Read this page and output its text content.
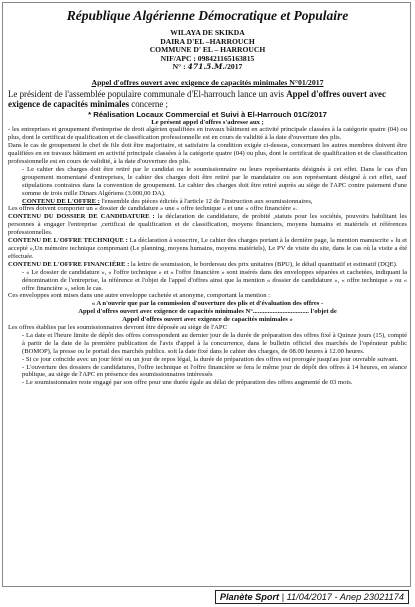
République Algérienne Démocratique et Populaire
WILAYA DE SKIKDA
DAIRA D'EL –HARROUCH
COMMUNE D' EL – HARROUCH
NIF/APC : 098421165163815
N° : 471.5.M./2017
Appel d'offres ouvert avec exigence de capacités minimales N°01/2017
Le président de l'assemblée populaire communale d'El-harrouch lance un avis Appel d'offres ouvert avec exigence de capacités minimales concerne ;
* Réalisation Locaux Commercial et Suivi à El-Harrouch 01C/2017
Le présent appel d'offres s'adresse aux ;
- les entreprises et groupement d'entreprise de droit algérien qualifiées en travaux bâtiment en activité principale classées à la catégorie quatre (04) ou plus, dont le certificat de qualification et de classification professionnelle est en cours de validité à la date d'ouverture des plis.
Dans le cas de groupement le chef de file doit être majoritaire, et satisfaire la condition exigée ci-dessus, concernant les autres membres doivent être qualifiées en en travaux bâtiment en activité principale classées à la catégorie quatre (04) ou plus, dont le certificat de qualification et de classification professionnelle est en cours de validité, à la date d'ouverture des plis.
- Le cahier des charges doit être retiré par le candidat ou le soumissionnaire ou leurs représentants désignés à cet effet. Dans le cas d'un groupement momentané d'entreprises, le cahier des charges doit être retiré par le mandataire ou son représentant désigné à cet effet, sauf stipulations contraires dans la convention de groupement. Le cahier des charges doit être retiré auprès au siège de l'APC contre paiement d'une somme de trois mille Dinars Algériens (3.000,00 DA).
CONTENU DE L'OFFRE : l'ensemble des pièces édictés à l'article 12 de l'instruction aux soumissionnaires,
Les offres doivent comporter un « dossier de candidature » une « offre technique » et une « offre financière ».
CONTENU DU DOSSIER DE CANDIDATURE : la déclaration de candidature, de probité ,statuts pour les sociétés, pouvoirs habilitant les personnes à engager l'entreprise ,certificat de qualification et de classification, moyens financiers, moyens humains et matériels et références professionnelles.
CONTENU DE L'OFFRE TECHNIQUE : La déclaration à souscrire, Le cahier des charges portant à la dernière page, la mention manuscrite « lu et accepté »,Un mémoire technique comprenant (Le planning, moyens humains, moyens matériels), Le PV de visite du site, dans le cas où la visite a été effectuée.
CONTENU DE L'OFFRE FINANCIÈRE : la lettre de soumission, le bordereau des prix unitaires (BPU), le détail quantitatif et estimatif (DQE).
- « Le dossier de candidature », « l'offre technique » et « l'offre financière » sont insérés dans des enveloppes séparées et cachetées, indiquant la dénomination de l'entreprise, la référence et l'objet de l'appel d'offres ainsi que la mention « dossier de candidature », « offre technique » ou « offre financière », selon le cas.
Ces enveloppes sont mises dans une autre enveloppe cachetée et anonyme, comportant la mention :
« A n'ouvrir que par la commission d'ouverture des plis et d'évaluation des offres -
Appel d'offres ouvert avec exigence de capacités minimales N°.................................. l'objet de
Appel d'offres ouvert avec exigence de capacités minimales »
Les offres établies par les soumissionnaires devront être déposée au siège de l'APC
- La date et l'heure limite de dépôt des offres correspondent au dernier jour de la durée de préparation des offres fixé à Quinze jours (15), compté à partir de la date de la première publication de l'avis d'appel à la concurrence, dans le bulletin officiel des marchés de l'opérateur public (BOMOP), la presse ou le portail des marchés publics. soit la date fixé dans le cahier des charges, de 08.00 heures à 12.00 heures.
- Si ce jour coïncide avec un jour férié ou un jour de repos légal, la durée de préparation des offres est prorogée jusqu'au jour ouvrable suivant.
- L'ouverture des dossiers de candidatures, l'offre technique et l'offre financière se fera le même jour de dépôt des offres à 14 heures, en séance publique, au siège de l'APC en présence des soumissionnaires intéressés
- Le soumissionnaire reste engagé par son offre pour une durée égale au délai de préparation des offres augmenté de 03 mois.
Planète Sport | 11/04/2017 - Anep 23021174
